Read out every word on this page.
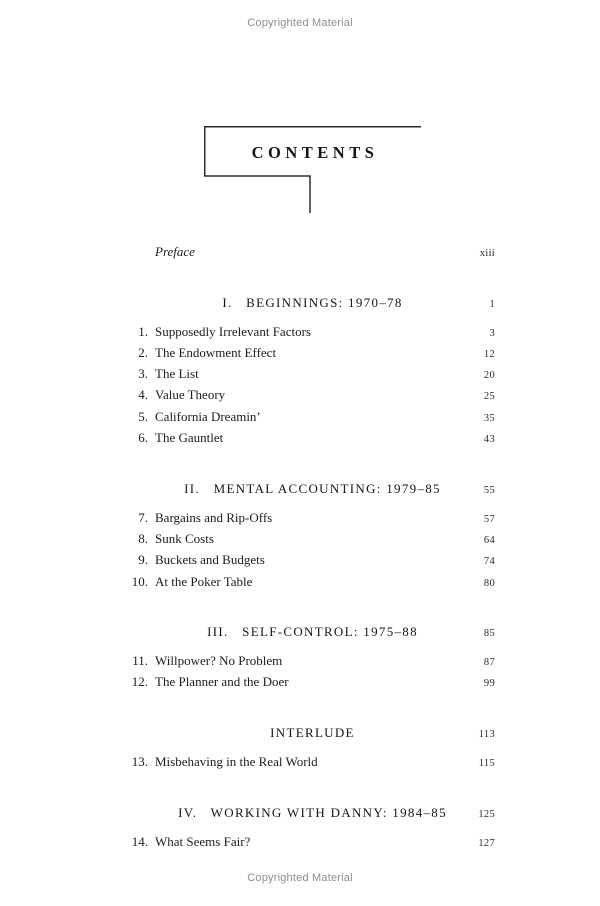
Copyrighted Material
CONTENTS
Preface	xiii
I.   BEGINNINGS: 1970–78	1
1. Supposedly Irrelevant Factors	3
2. The Endowment Effect	12
3. The List	20
4. Value Theory	25
5. California Dreamin’	35
6. The Gauntlet	43
II.   MENTAL ACCOUNTING: 1979–85	55
7. Bargains and Rip-Offs	57
8. Sunk Costs	64
9. Buckets and Budgets	74
10. At the Poker Table	80
III.   SELF-CONTROL: 1975–88	85
11. Willpower? No Problem	87
12. The Planner and the Doer	99
INTERLUDE	113
13. Misbehaving in the Real World	115
IV.   WORKING WITH DANNY: 1984–85	125
14. What Seems Fair?	127
Copyrighted Material
